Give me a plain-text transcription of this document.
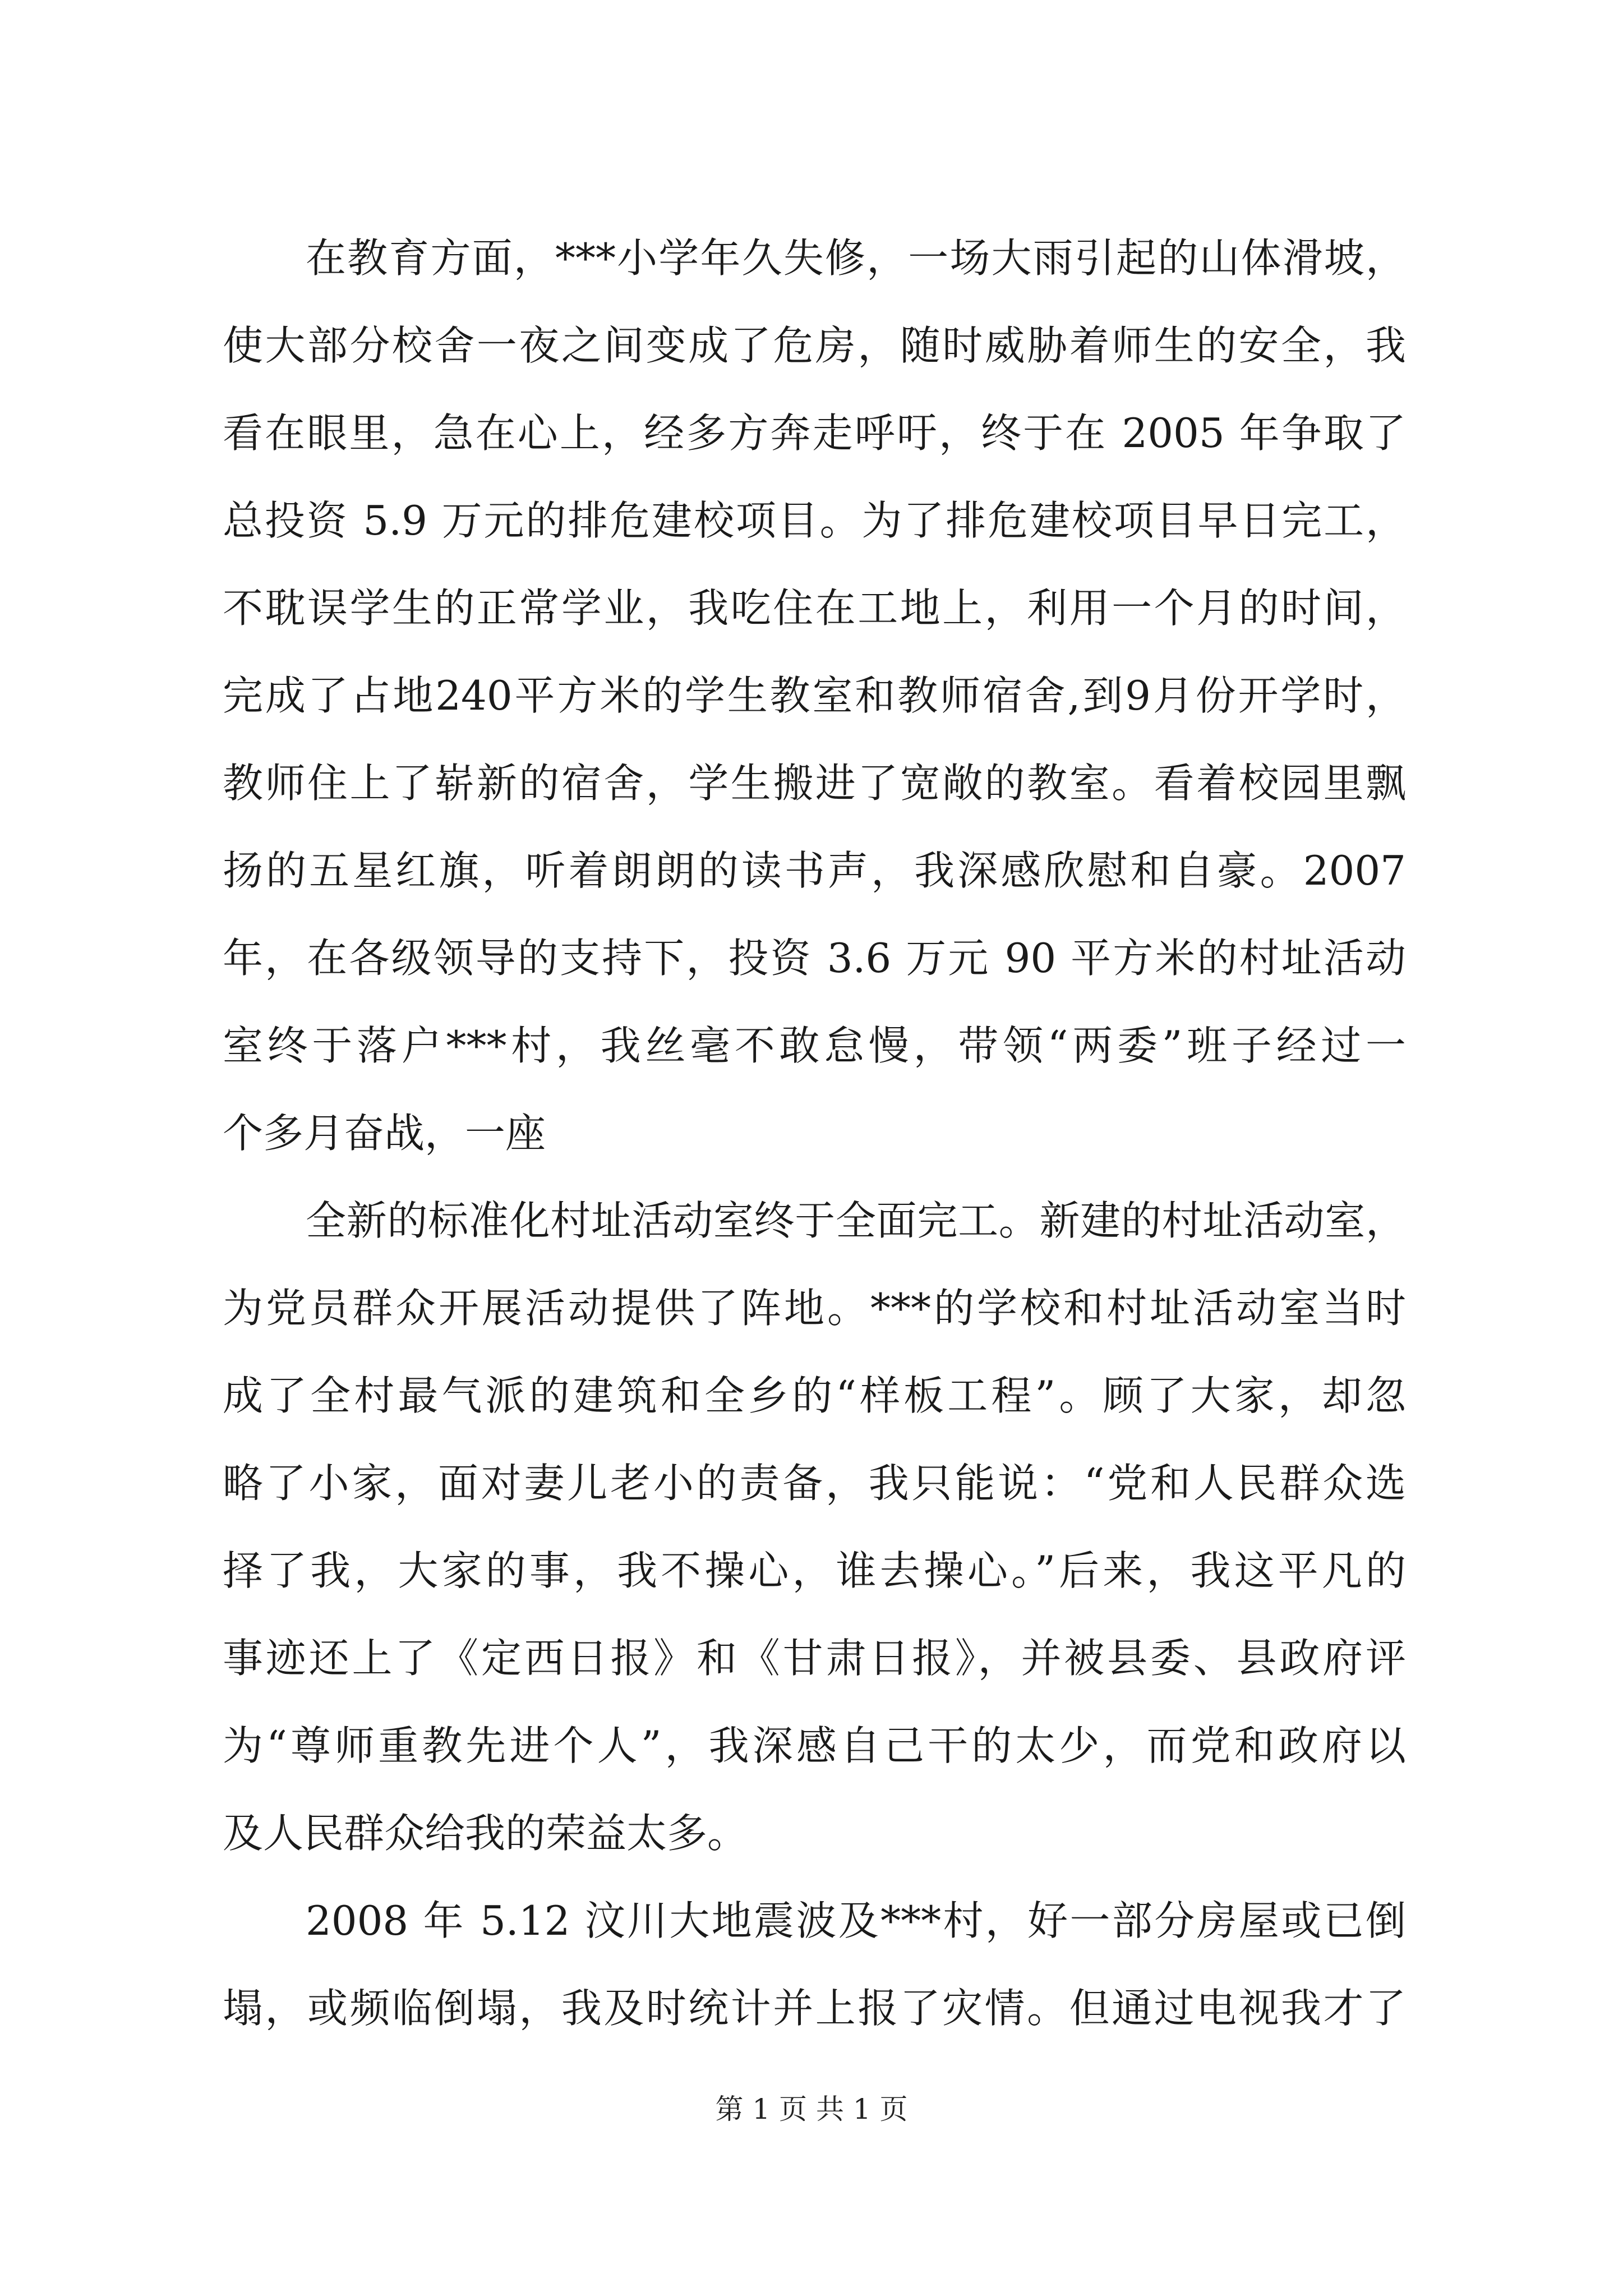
在教育方面，***小学年久失修，一场大雨引起的山体滑坡，
使大部分校舍一夜之间变成了危房，随时威胁着师生的安全，我
看在眼里，急在心上，经多方奔走呼吁，终于在 2005 年争取了
总投资 5.9 万元的排危建校项目。为了排危建校项目早日完工，
不耽误学生的正常学业，我吃住在工地上，利用一个月的时间，
完成了占地240平方米的学生教室和教师宿舍,到9月份开学时，
教师住上了崭新的宿舍，学生搬进了宽敞的教室。看着校园里飘
扬的五星红旗，听着朗朗的读书声，我深感欣慰和自豪。2007
年，在各级领导的支持下，投资 3.6 万元 90 平方米的村址活动
室终于落户***村，我丝毫不敢怠慢，带领“两委”班子经过一
个多月奋战，一座
全新的标准化村址活动室终于全面完工。新建的村址活动室，
为党员群众开展活动提供了阵地。***的学校和村址活动室当时
成了全村最气派的建筑和全乡的“样板工程”。顾了大家，却忽
略了小家，面对妻儿老小的责备，我只能说：“党和人民群众选
择了我，大家的事，我不操心，谁去操心。”后来，我这平凡的
事迹还上了《定西日报》和《甘肃日报》，并被县委、县政府评
为“尊师重教先进个人”，我深感自己干的太少，而党和政府以
及人民群众给我的荣益太多。
2008 年 5.12 汶川大地震波及***村，好一部分房屋或已倒
塌，或频临倒塌，我及时统计并上报了灾情。但通过电视我才了
第 1 页 共 1 页
